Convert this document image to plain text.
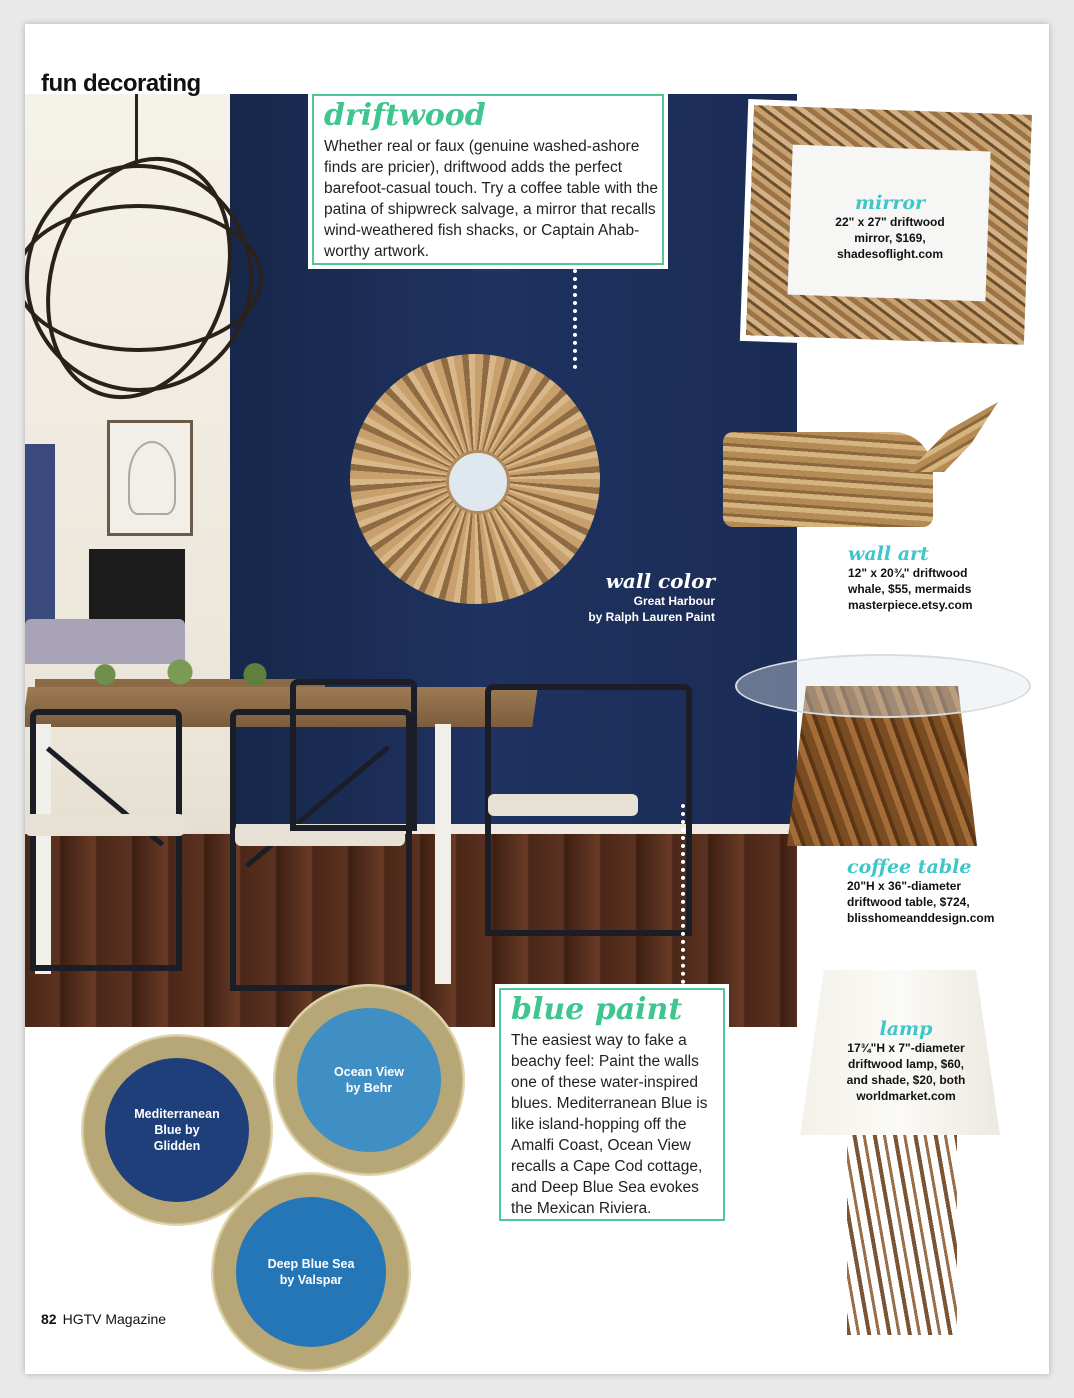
fun decorating
driftwood
Whether real or faux (genuine washed-ashore finds are pricier), driftwood adds the perfect barefoot-casual touch. Try a coffee table with the patina of shipwreck salvage, a mirror that recalls wind-weathered fish shacks, or Captain Ahab-worthy artwork.
wall color
Great Harbour
by Ralph Lauren Paint
mirror
22" x 27" driftwood
mirror, $169,
shadesoflight.com
wall art
12" x 20¾" driftwood
whale, $55, mermaids
masterpiece.etsy.com
coffee table
20"H x 36"-diameter
driftwood table, $724,
blisshomeanddesign.com
lamp
17¾"H x 7"-diameter
driftwood lamp, $60,
and shade, $20, both
worldmarket.com
Mediterranean
Blue by
Glidden
Ocean View
by Behr
Deep Blue Sea
by Valspar
blue paint
The easiest way to fake a beachy feel: Paint the walls one of these water-inspired blues. Mediterranean Blue is like island-hopping off the Amalfi Coast, Ocean View recalls a Cape Cod cottage, and Deep Blue Sea evokes the Mexican Riviera.
82 HGTV Magazine
